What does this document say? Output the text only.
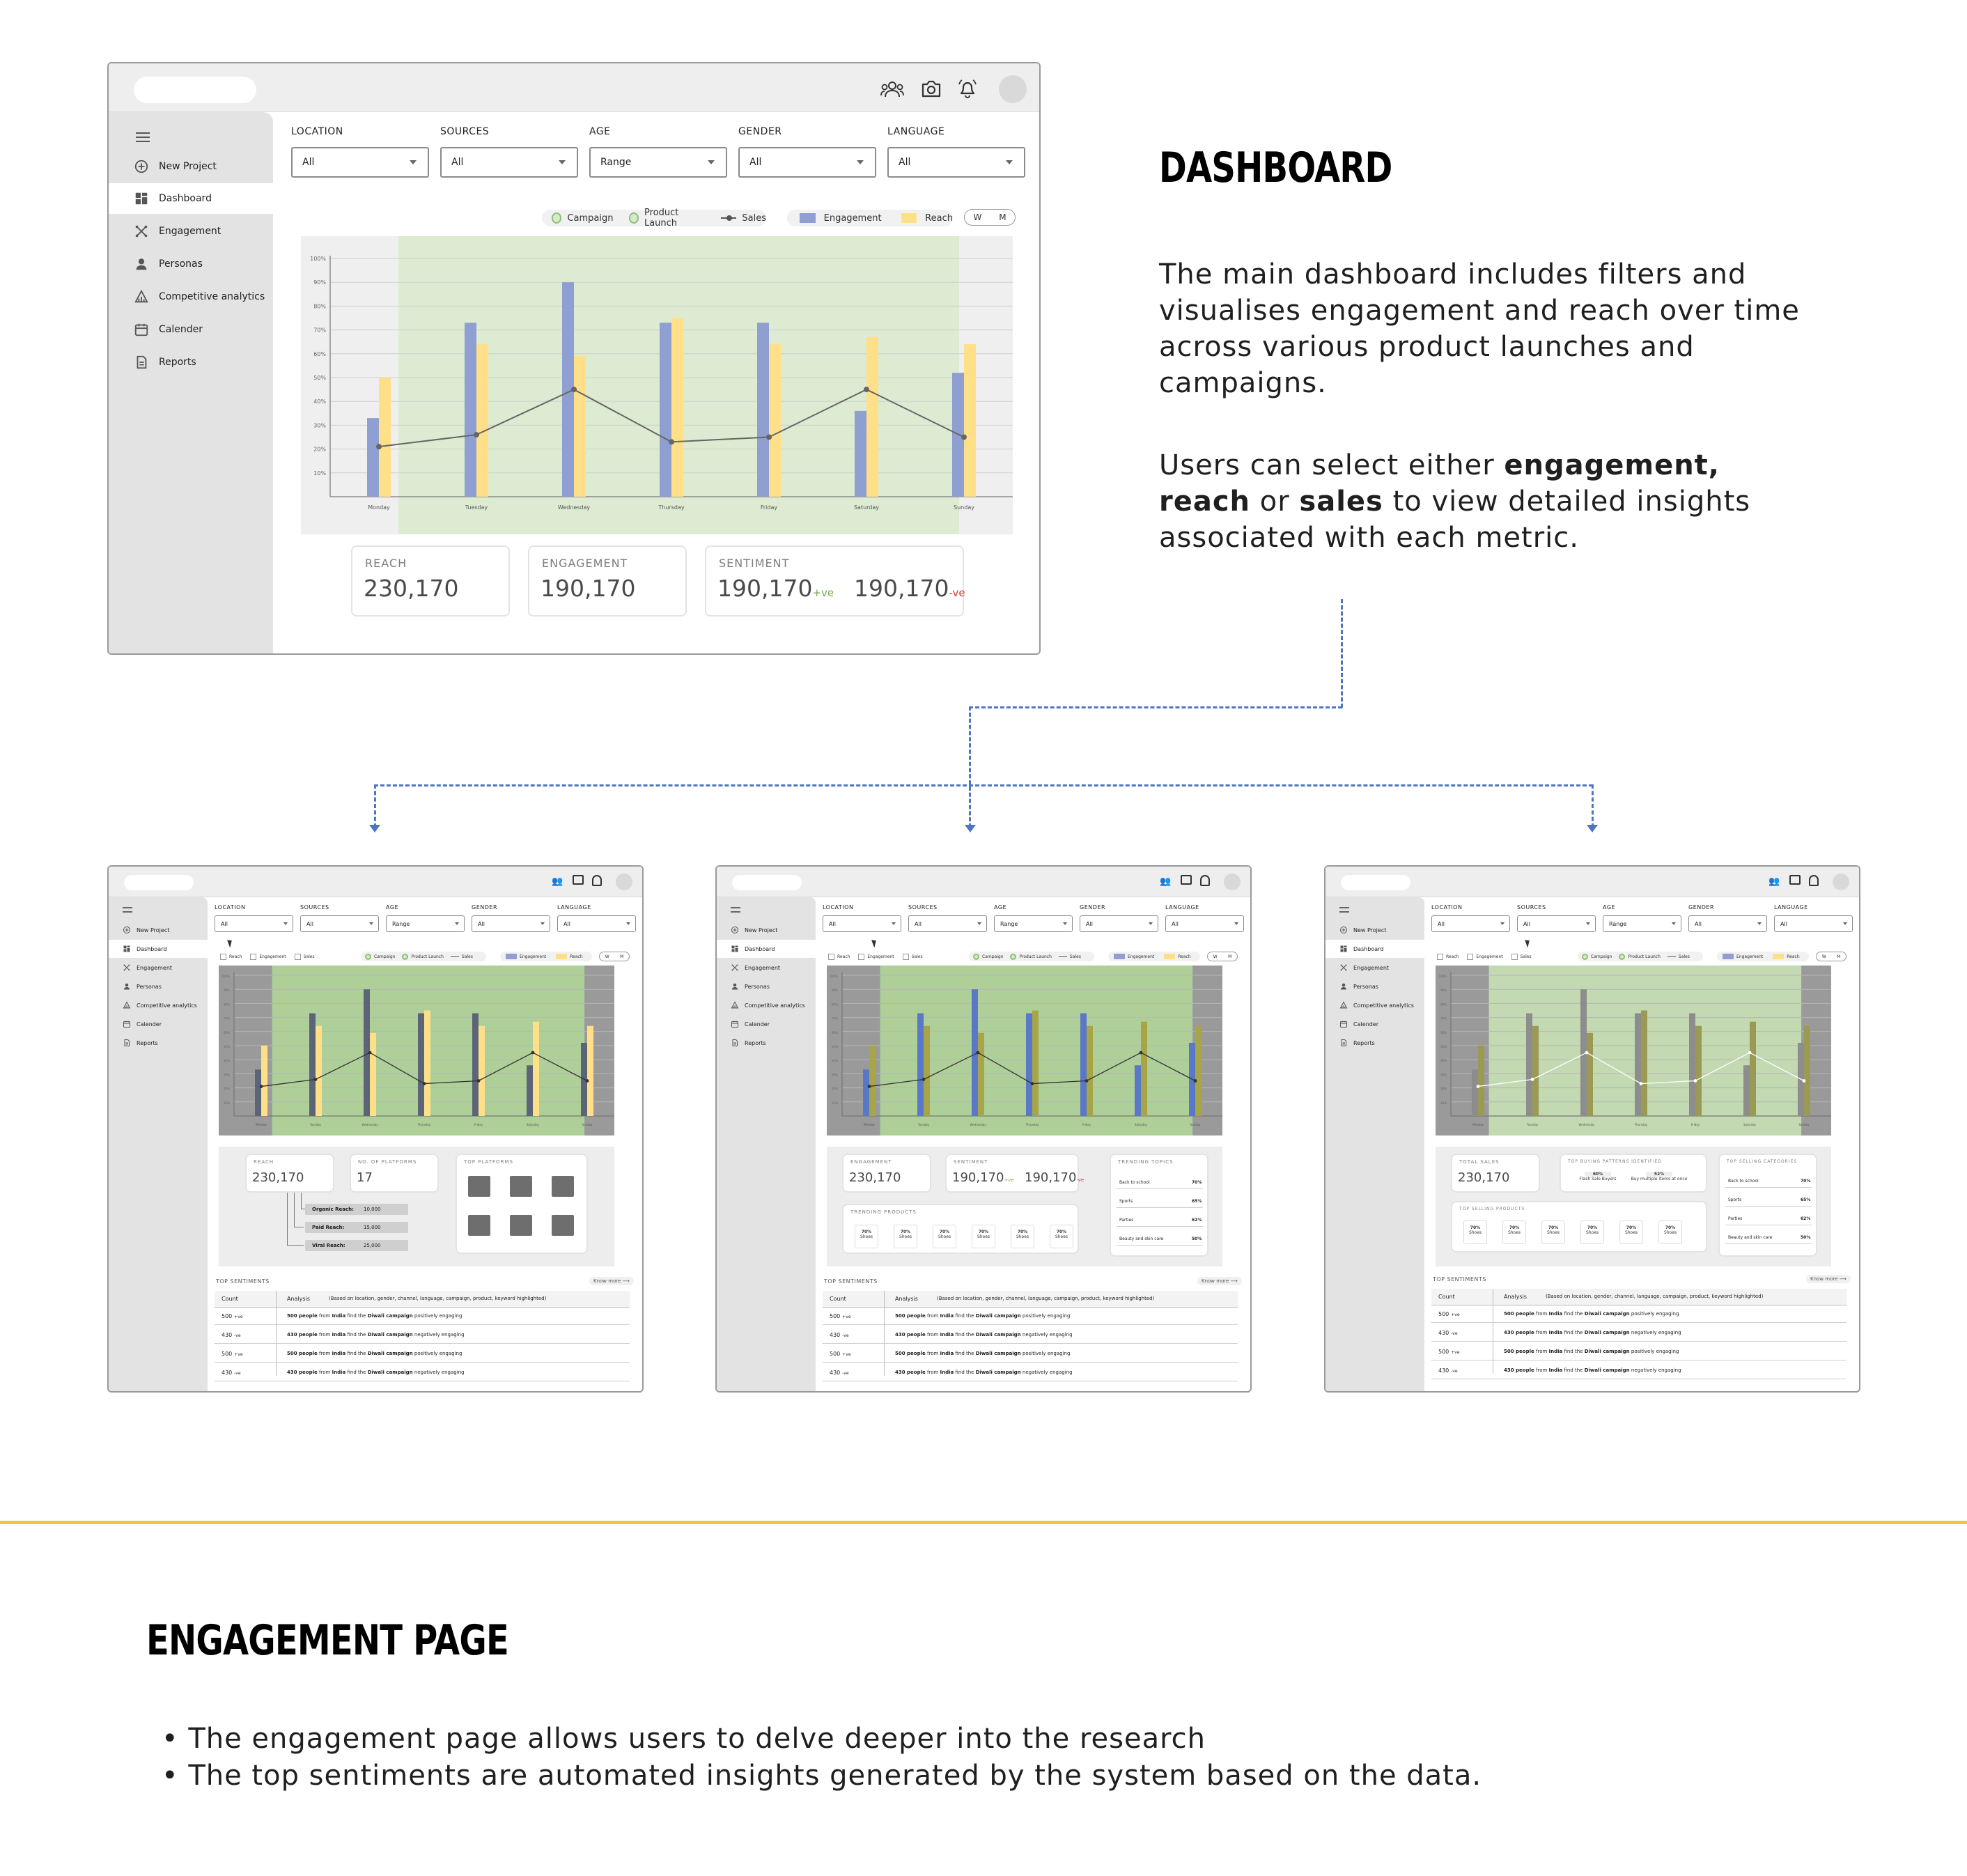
New Project
Dashboard
Engagement
Personas
Competitive analytics
Calender
Reports
LOCATION
All
SOURCES
All
AGE
Range
GENDER
All
LANGUAGE
All
Campaign	Product Launch	Sales	Engagement	Reach W M
10%
20%
30%
40%
50%
60%
70%
80%
90%
100%
Monday	Tuesday	Wednesday	Thursday	Friday	Saturday	Sunday
REACH
230,170
ENGAGEMENT
190,170
SENTIMENT
190,170+ve 190,170-ve
DASHBOARD
The main dashboard includes filters and visualises engagement and reach over time across various product launches and campaigns.
Users can select either engagement, reach or sales to view detailed insights associated with each metric.
👥
New Project
Dashboard
Engagement
Personas
Competitive analytics
Calender
Reports
LOCATION
All
SOURCES
All
AGE
Range
GENDER
All
LANGUAGE
All
Reach	Engagement	Sales	Campaign	Product Launch	Sales	Engagement	Reach	W	M
10%
20%
30%
40%
50%
60%
70%
80%
90%
100%
Monday	Tuesday	Wednesday	Thursday	Friday	Saturday	Sunday
REACH
230,170
NO. OF PLATFORMS
17
TOP PLATFORMS
Organic Reach:	10,000
Paid Reach:	15,000
Viral Reach:	25,000
TOP SENTIMENTS	Know more ⟶
Count	Analysis	(Based on location, gender, channel, language, campaign, product, keyword highlighted)
500 +ve	500 people from India find the Diwali campaign positively engaging
430 -ve	430 people from India find the Diwali campaign negatively engaging
500 +ve	500 people from India find the Diwali campaign positively engaging
430 -ve	430 people from India find the Diwali campaign negatively engaging
👥
New Project
Dashboard
Engagement
Personas
Competitive analytics
Calender
Reports
LOCATION
All
SOURCES
All
AGE
Range
GENDER
All
LANGUAGE
All
Reach	Engagement	Sales	Campaign	Product Launch	Sales	Engagement	Reach	W	M
10%
20%
30%
40%
50%
60%
70%
80%
90%
100%
Monday	Tuesday	Wednesday	Thursday	Friday	Saturday	Sunday
ENGAGEMENT
230,170
SENTIMENT
190,170+ve 190,170-ve
TRENDING TOPICS
Back to school	70%
Sports	65%
Parties	62%
Beauty and skin care	50%
TRENDING PRODUCTS
70%
Shoes
70%
Shoes
70%
Shoes
70%
Shoes
70%
Shoes
70%
Shoes
TOP SENTIMENTS	Know more ⟶
Count	Analysis	(Based on location, gender, channel, language, campaign, product, keyword highlighted)
500 +ve	500 people from India find the Diwali campaign positively engaging
430 -ve	430 people from India find the Diwali campaign negatively engaging
500 +ve	500 people from India find the Diwali campaign positively engaging
430 -ve	430 people from India find the Diwali campaign negatively engaging
👥
New Project
Dashboard
Engagement
Personas
Competitive analytics
Calender
Reports
LOCATION
All
SOURCES
All
AGE
Range
GENDER
All
LANGUAGE
All
Reach	Engagement	Sales	Campaign	Product Launch	Sales	Engagement	Reach	W	M
10%
20%
30%
40%
50%
60%
70%
80%
90%
100%
Monday	Tuesday	Wednesday	Thursday	Friday	Saturday	Sunday
TOTAL SALES
230,170
TOP BUYING PATTERNS IDENTIFIED
60%
Flash Sale Buyers
52%
Buy multiple items at once
TOP SELLING CATEGORIES
Back to school	70%
Sports	65%
Parties	62%
Beauty and skin care	50%
TOP SELLING PRODUCTS
70%
Shoes
70%
Shoes
70%
Shoes
70%
Shoes
70%
Shoes
70%
Shoes
TOP SENTIMENTS	Know more ⟶
Count	Analysis	(Based on location, gender, channel, language, campaign, product, keyword highlighted)
500 +ve	500 people from India find the Diwali campaign positively engaging
430 -ve	430 people from India find the Diwali campaign negatively engaging
500 +ve	500 people from India find the Diwali campaign positively engaging
430 -ve	430 people from India find the Diwali campaign negatively engaging
ENGAGEMENT PAGE
• The engagement page allows users to delve deeper into the research
• The top sentiments are automated insights generated by the system based on the data.
